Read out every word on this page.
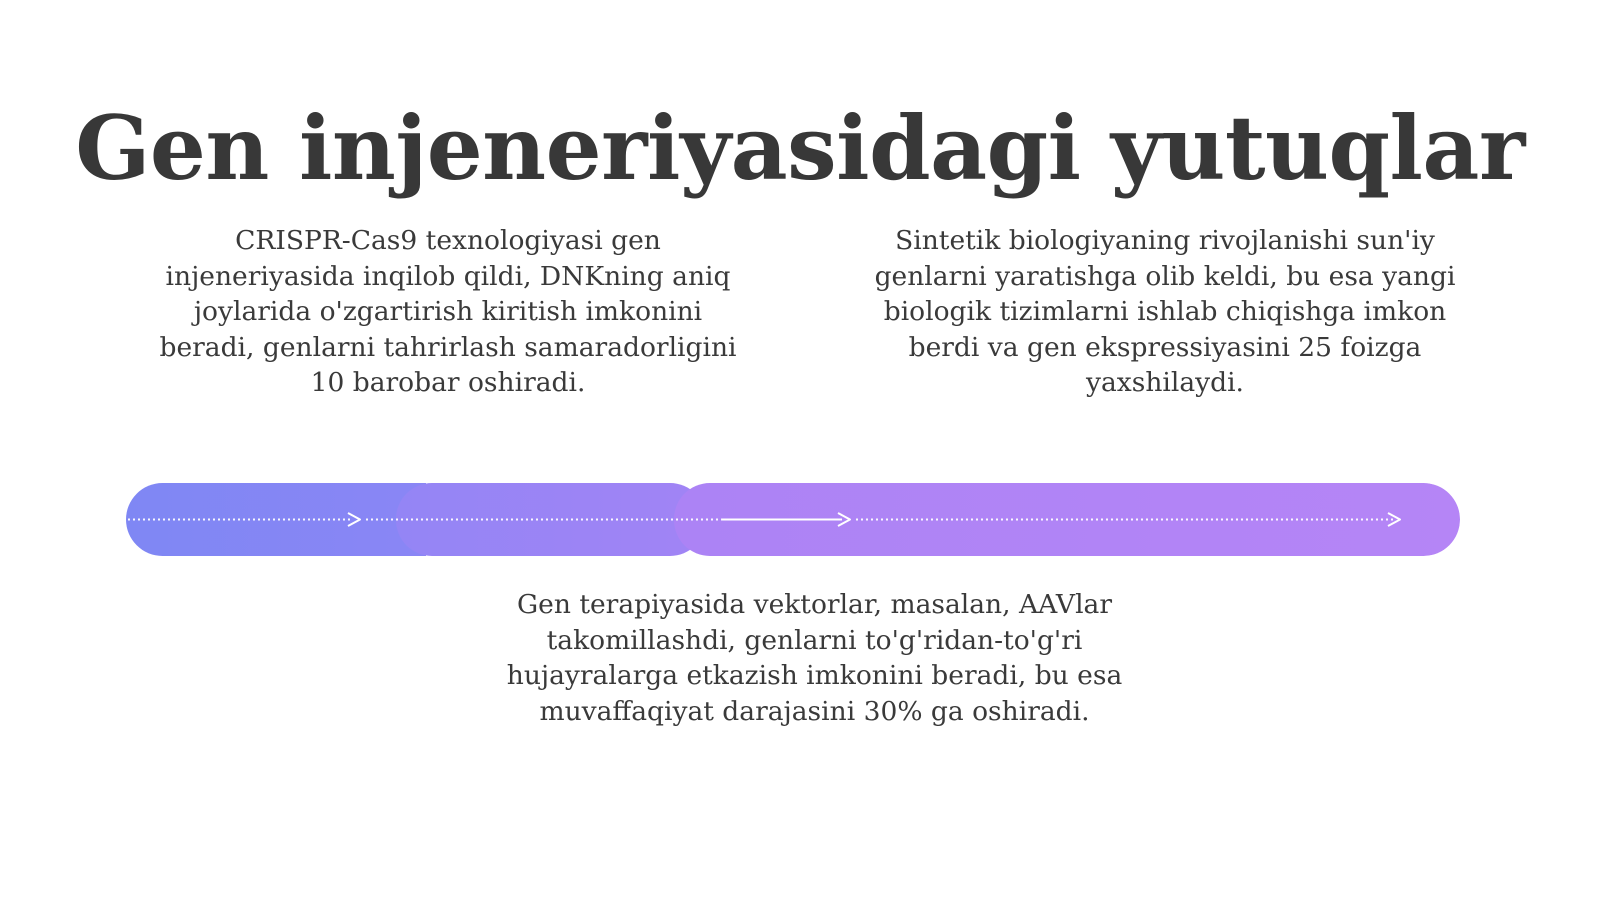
Gen injeneriyasidagi yutuqlar

CRISPR-Cas9 texnologiyasi gen injeneriyasida inqilob qildi, DNKning aniq joylarida o'zgartirish kiritish imkonini beradi, genlarni tahrirlash samaradorligini 10 barobar oshiradi.

Sintetik biologiyaning rivojlanishi sun'iy genlarni yaratishga olib keldi, bu esa yangi biologik tizimlarni ishlab chiqishga imkon berdi va gen ekspressiyasini 25 foizga yaxshilaydi.

Gen terapiyasida vektorlar, masalan, AAVlar takomillashdi, genlarni to'g'ridan-to'g'ri hujayralarga etkazish imkonini beradi, bu esa muvaffaqiyat darajasini 30% ga oshiradi.
